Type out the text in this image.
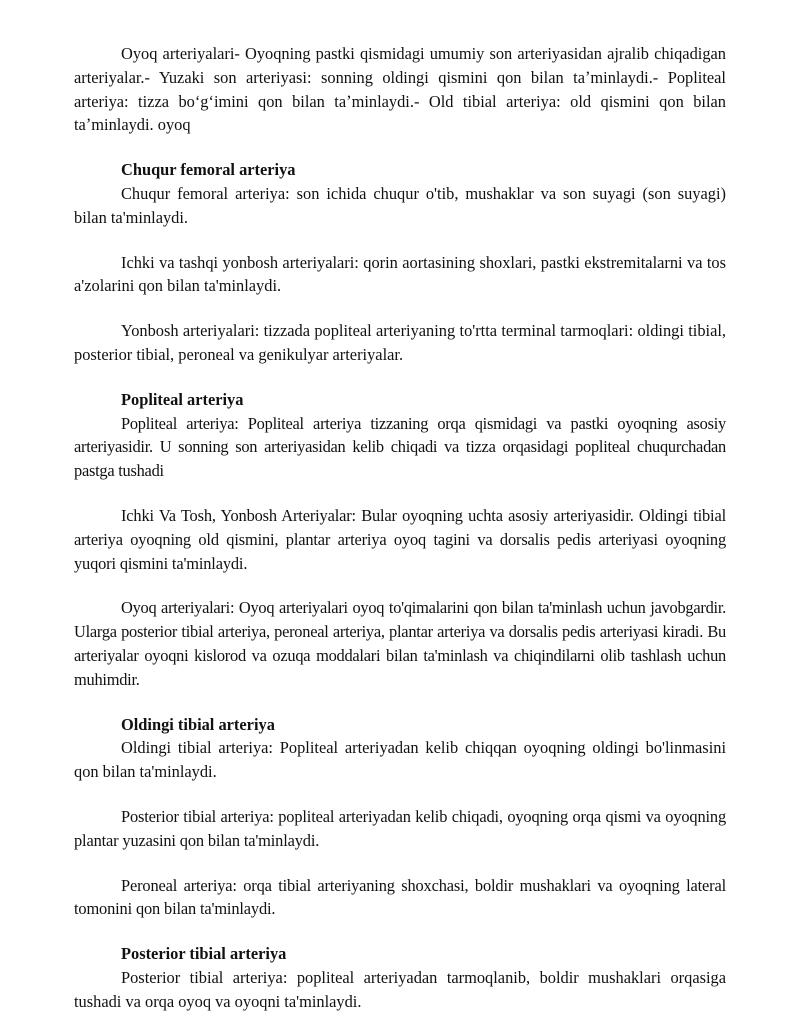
Oyoq arteriyalari- Oyoqning pastki qismidagi umumiy son arteriyasidan ajralib chiqadigan arteriyalar.- Yuzaki son arteriyasi: sonning oldingi qismini qon bilan taʼminlaydi.- Popliteal arteriya: tizza boʻgʻimini qon bilan taʼminlaydi.- Old tibial arteriya: old qismini qon bilan taʼminlaydi. oyoq

Chuqur femoral arteriya

Chuqur femoral arteriya: son ichida chuqur o'tib, mushaklar va son suyagi (son suyagi) bilan ta'minlaydi.

Ichki va tashqi yonbosh arteriyalari: qorin aortasining shoxlari, pastki ekstremitalarni va tos a'zolarini qon bilan ta'minlaydi.

Yonbosh arteriyalari: tizzada popliteal arteriyaning to'rtta terminal tarmoqlari: oldingi tibial, posterior tibial, peroneal va genikulyar arteriyalar.

Popliteal arteriya

Popliteal arteriya: Popliteal arteriya tizzaning orqa qismidagi va pastki oyoqning asosiy arteriyasidir. U sonning son arteriyasidan kelib chiqadi va tizza orqasidagi popliteal chuqurchadan pastga tushadi

Ichki Va Tosh, Yonbosh Arteriyalar: Bular oyoqning uchta asosiy arteriyasidir. Oldingi tibial arteriya oyoqning old qismini, plantar arteriya oyoq tagini va dorsalis pedis arteriyasi oyoqning yuqori qismini ta'minlaydi.

Oyoq arteriyalari: Oyoq arteriyalari oyoq to'qimalarini qon bilan ta'minlash uchun javobgardir. Ularga posterior tibial arteriya, peroneal arteriya, plantar arteriya va dorsalis pedis arteriyasi kiradi. Bu arteriyalar oyoqni kislorod va ozuqa moddalari bilan ta'minlash va chiqindilarni olib tashlash uchun muhimdir.

Oldingi tibial arteriya

Oldingi tibial arteriya: Popliteal arteriyadan kelib chiqqan oyoqning oldingi bo'linmasini qon bilan ta'minlaydi.

Posterior tibial arteriya: popliteal arteriyadan kelib chiqadi, oyoqning orqa qismi va oyoqning plantar yuzasini qon bilan ta'minlaydi.

Peroneal arteriya: orqa tibial arteriyaning shoxchasi, boldir mushaklari va oyoqning lateral tomonini qon bilan ta'minlaydi.

Posterior tibial arteriya

Posterior tibial arteriya: popliteal arteriyadan tarmoqlanib, boldir mushaklari orqasiga tushadi va orqa oyoq va oyoqni ta'minlaydi.
